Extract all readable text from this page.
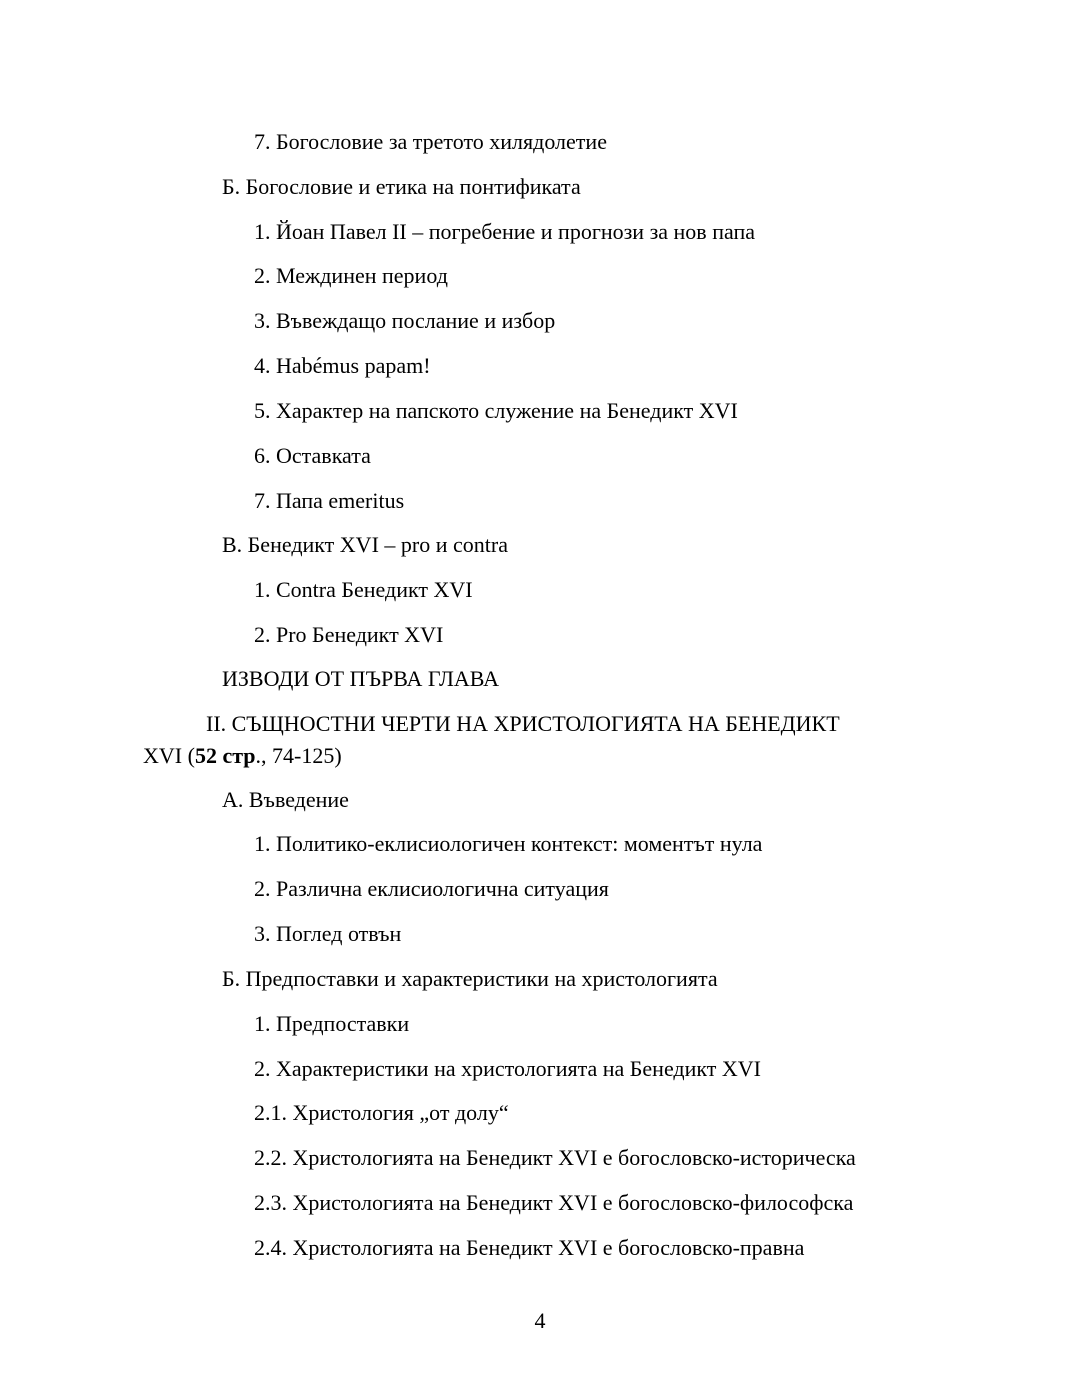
7. Богословие за третото хилядолетие
Б. Богословие и етика на понтификата
1. Йоан Павел II – погребение и прогнози за нов папа
2. Междинен период
3. Въвеждащо послание и избор
4. Habémus papam!
5. Характер на папското служение на Бенедикт XVI
6. Оставката
7. Папа emeritus
В. Бенедикт XVI – pro и contra
1. Contra Бенедикт XVI
2. Pro Бенедикт XVI
ИЗВОДИ ОТ ПЪРВА ГЛАВА
II. СЪЩНОСТНИ ЧЕРТИ НА ХРИСТОЛОГИЯТА НА БЕНЕДИКТ
XVI (52 стр., 74-125)
А. Въведение
1. Политико-еклисиологичен контекст: моментът нула
2. Различна еклисиологична ситуация
3. Поглед отвън
Б. Предпоставки и характеристики на христологията
1. Предпоставки
2. Характеристики на христологията на Бенедикт XVI
2.1. Христология „от долу“
2.2. Христологията на Бенедикт XVI е богословско-историческа
2.3. Христологията на Бенедикт XVI е богословско-философска
2.4. Христологията на Бенедикт XVI е богословско-правна
4
